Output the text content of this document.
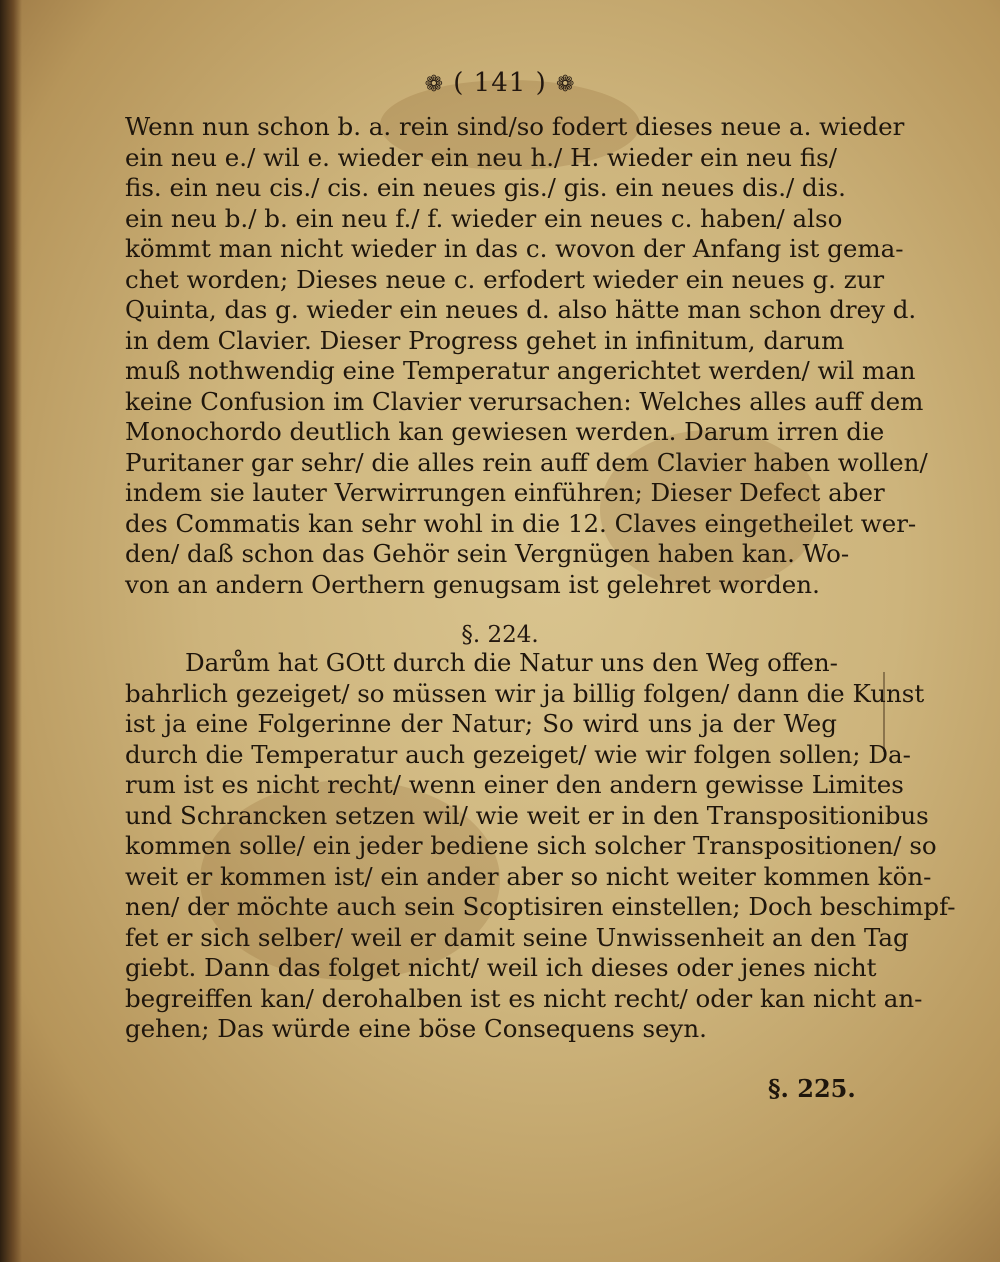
❁ ( 141 ) ❁
Wenn nun schon b. a. rein sind/so fodert dieses neue a. wieder
ein neu e./ wil e. wieder ein neu h./ H. wieder ein neu fis/
fis. ein neu cis./ cis. ein neues gis./ gis. ein neues dis./ dis.
ein neu b./ b. ein neu f./ f. wieder ein neues c. haben/ also
kömmt man nicht wieder in das c. wovon der Anfang ist gema-
chet worden; Dieses neue c. erfodert wieder ein neues g. zur
Quinta, das g. wieder ein neues d. also hätte man schon drey d.
in dem Clavier. Dieser Progress gehet in infinitum, darum
muß nothwendig eine Temperatur angerichtet werden/ wil man
keine Confusion im Clavier verursachen: Welches alles auff dem
Monochordo deutlich kan gewiesen werden. Darum irren die
Puritaner gar sehr/ die alles rein auff dem Clavier haben wollen/
indem sie lauter Verwirrungen einführen; Dieser Defect aber
des Commatis kan sehr wohl in die 12. Claves eingetheilet wer-
den/ daß schon das Gehör sein Vergnügen haben kan. Wo-
von an andern Oerthern genugsam ist gelehret worden.
§. 224.
Darům hat GOtt durch die Natur uns den Weg offen-
bahrlich gezeiget/ so müssen wir ja billig folgen/ dann die Kunst
ist ja eine Folgerinne der Natur; So wird uns ja der Weg
durch die Temperatur auch gezeiget/ wie wir folgen sollen; Da-
rum ist es nicht recht/ wenn einer den andern gewisse Limites
und Schrancken setzen wil/ wie weit er in den Transpositionibus
kommen solle/ ein jeder bediene sich solcher Transpositionen/ so
weit er kommen ist/ ein ander aber so nicht weiter kommen kön-
nen/ der möchte auch sein Scoptisiren einstellen; Doch beschimpf-
fet er sich selber/ weil er damit seine Unwissenheit an den Tag
giebt. Dann das folget nicht/ weil ich dieses oder jenes nicht
begreiffen kan/ derohalben ist es nicht recht/ oder kan nicht an-
gehen; Das würde eine böse Consequens seyn.
§. 225.
